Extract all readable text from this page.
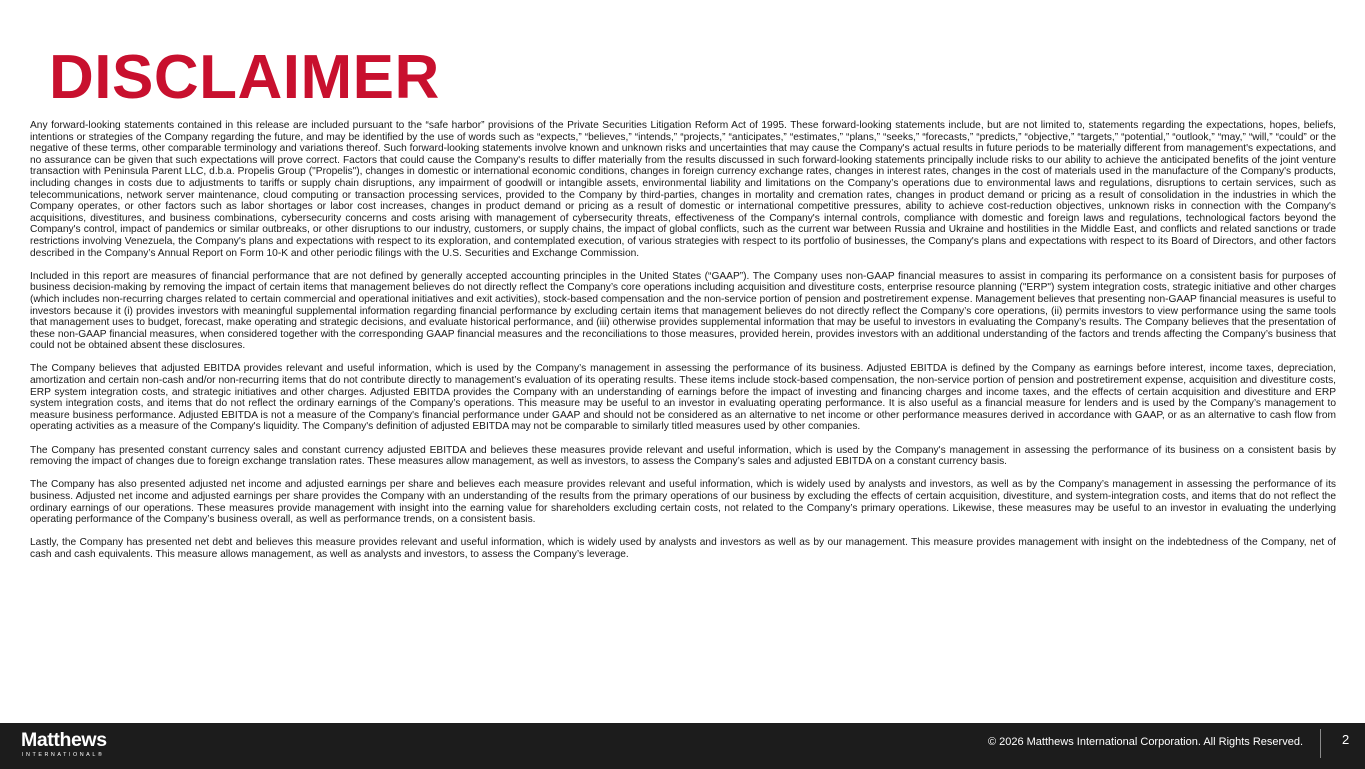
DISCLAIMER

Any forward-looking statements contained in this release are included pursuant to the “safe harbor” provisions of the Private Securities Litigation Reform Act of 1995. These forward-looking statements include, but are not limited to, statements regarding the expectations, hopes, beliefs, intentions or strategies of the Company regarding the future, and may be identified by the use of words such as “expects,” “believes,” “intends,” “projects,” “anticipates,” “estimates,” “plans,” “seeks,” “forecasts,” “predicts,” “objective,” “targets,” “potential,” “outlook,” “may,” “will,” “could” or the negative of these terms, other comparable terminology and variations thereof. Such forward-looking statements involve known and unknown risks and uncertainties that may cause the Company's actual results in future periods to be materially different from management's expectations, and no assurance can be given that such expectations will prove correct. Factors that could cause the Company's results to differ materially from the results discussed in such forward-looking statements principally include risks to our ability to achieve the anticipated benefits of the joint venture transaction with Peninsula Parent LLC, d.b.a. Propelis Group ("Propelis"), changes in domestic or international economic conditions, changes in foreign currency exchange rates, changes in interest rates, changes in the cost of materials used in the manufacture of the Company's products, including changes in costs due to adjustments to tariffs or supply chain disruptions, any impairment of goodwill or intangible assets, environmental liability and limitations on the Company’s operations due to environmental laws and regulations, disruptions to certain services, such as telecommunications, network server maintenance, cloud computing or transaction processing services, provided to the Company by third-parties, changes in mortality and cremation rates, changes in product demand or pricing as a result of consolidation in the industries in which the Company operates, or other factors such as labor shortages or labor cost increases, changes in product demand or pricing as a result of domestic or international competitive pressures, ability to achieve cost-reduction objectives, unknown risks in connection with the Company's acquisitions, divestitures, and business combinations, cybersecurity concerns and costs arising with management of cybersecurity threats, effectiveness of the Company's internal controls, compliance with domestic and foreign laws and regulations, technological factors beyond the Company's control, impact of pandemics or similar outbreaks, or other disruptions to our industry, customers, or supply chains, the impact of global conflicts, such as the current war between Russia and Ukraine and hostilities in the Middle East, and conflicts and related sanctions or trade restrictions involving Venezuela, the Company's plans and expectations with respect to its exploration, and contemplated execution, of various strategies with respect to its portfolio of businesses, the Company's plans and expectations with respect to its Board of Directors, and other factors described in the Company’s Annual Report on Form 10-K and other periodic filings with the U.S. Securities and Exchange Commission.

Included in this report are measures of financial performance that are not defined by generally accepted accounting principles in the United States (“GAAP”). The Company uses non-GAAP financial measures to assist in comparing its performance on a consistent basis for purposes of business decision-making by removing the impact of certain items that management believes do not directly reflect the Company’s core operations including acquisition and divestiture costs, enterprise resource planning ("ERP") system integration costs, strategic initiative and other charges (which includes non-recurring charges related to certain commercial and operational initiatives and exit activities), stock-based compensation and the non-service portion of pension and postretirement expense. Management believes that presenting non-GAAP financial measures is useful to investors because it (i) provides investors with meaningful supplemental information regarding financial performance by excluding certain items that management believes do not directly reflect the Company’s core operations, (ii) permits investors to view performance using the same tools that management uses to budget, forecast, make operating and strategic decisions, and evaluate historical performance, and (iii) otherwise provides supplemental information that may be useful to investors in evaluating the Company’s results. The Company believes that the presentation of these non-GAAP financial measures, when considered together with the corresponding GAAP financial measures and the reconciliations to those measures, provided herein, provides investors with an additional understanding of the factors and trends affecting the Company’s business that could not be obtained absent these disclosures.

The Company believes that adjusted EBITDA provides relevant and useful information, which is used by the Company’s management in assessing the performance of its business. Adjusted EBITDA is defined by the Company as earnings before interest, income taxes, depreciation, amortization and certain non-cash and/or non-recurring items that do not contribute directly to management’s evaluation of its operating results. These items include stock-based compensation, the non-service portion of pension and postretirement expense, acquisition and divestiture costs, ERP system integration costs, and strategic initiatives and other charges. Adjusted EBITDA provides the Company with an understanding of earnings before the impact of investing and financing charges and income taxes, and the effects of certain acquisition and divestiture and ERP system integration costs, and items that do not reflect the ordinary earnings of the Company’s operations. This measure may be useful to an investor in evaluating operating performance. It is also useful as a financial measure for lenders and is used by the Company’s management to measure business performance. Adjusted EBITDA is not a measure of the Company's financial performance under GAAP and should not be considered as an alternative to net income or other performance measures derived in accordance with GAAP, or as an alternative to cash flow from operating activities as a measure of the Company's liquidity. The Company's definition of adjusted EBITDA may not be comparable to similarly titled measures used by other companies.

The Company has presented constant currency sales and constant currency adjusted EBITDA and believes these measures provide relevant and useful information, which is used by the Company's management in assessing the performance of its business on a consistent basis by removing the impact of changes due to foreign exchange translation rates. These measures allow management, as well as investors, to assess the Company’s sales and adjusted EBITDA on a constant currency basis.

The Company has also presented adjusted net income and adjusted earnings per share and believes each measure provides relevant and useful information, which is widely used by analysts and investors, as well as by the Company’s management in assessing the performance of its business. Adjusted net income and adjusted earnings per share provides the Company with an understanding of the results from the primary operations of our business by excluding the effects of certain acquisition, divestiture, and system-integration costs, and items that do not reflect the ordinary earnings of our operations. These measures provide management with insight into the earning value for shareholders excluding certain costs, not related to the Company’s primary operations. Likewise, these measures may be useful to an investor in evaluating the underlying operating performance of the Company’s business overall, as well as performance trends, on a consistent basis.

Lastly, the Company has presented net debt and believes this measure provides relevant and useful information, which is widely used by analysts and investors as well as by our management. This measure provides management with insight on the indebtedness of the Company, net of cash and cash equivalents. This measure allows management, as well as analysts and investors, to assess the Company’s leverage.

Matthews
INTERNATIONAL®
© 2026 Matthews International Corporation. All Rights Reserved.	2
